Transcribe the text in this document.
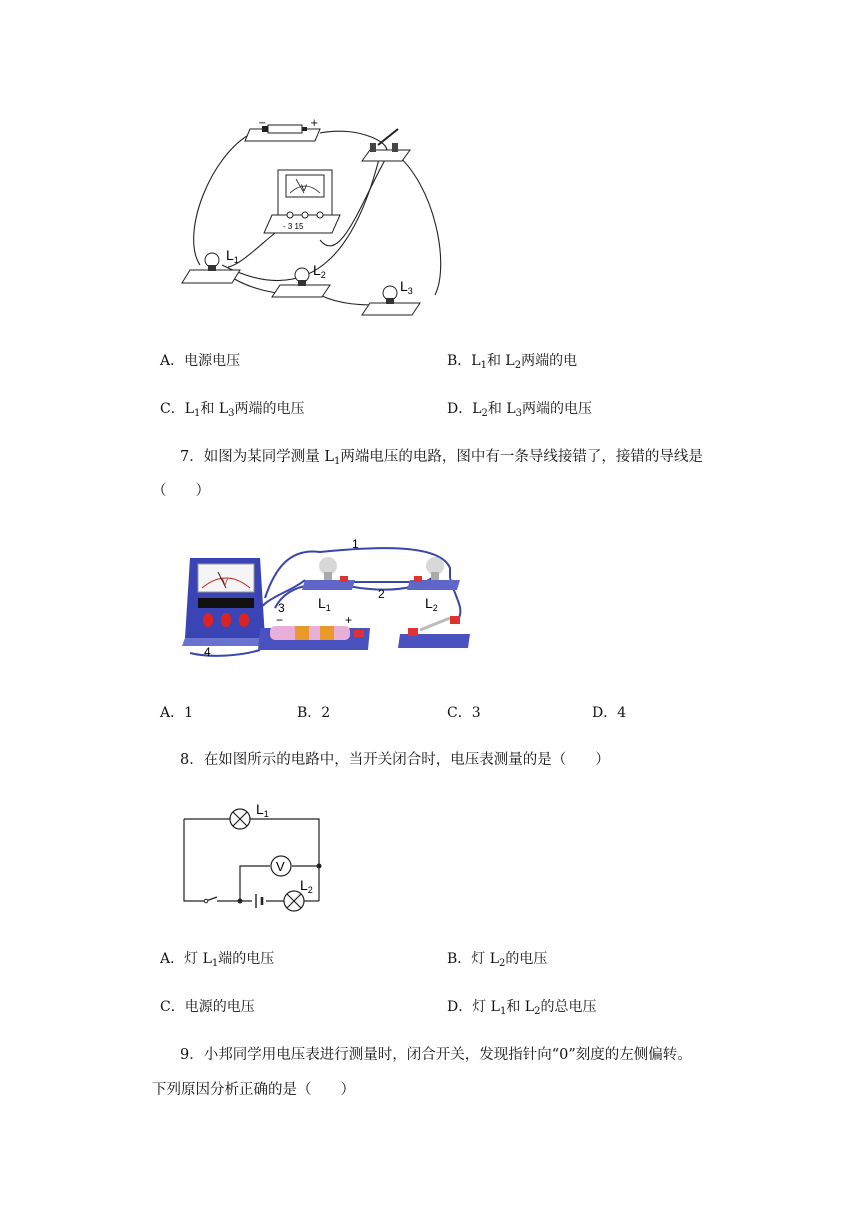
−	+
V
- 3 15
$L_1$
$L_2$
$L_3$
A．电源电压	B．$L_1$和 $L_2$两端的电
C．$L_1$和 $L_3$两端的电压	D．$L_2$和 $L_3$两端的电压
7．如图为某同学测量 $L_1$两端电压的电路，图中有一条导线接错了，接错的导线是
（　　）
V
$L_1$	$L_2$
−	+
1
2
3
4
A．1	B．2	C．3	D．4
8．在如图所示的电路中，当开关闭合时，电压表测量的是（　　）
$L_1$
V
$L_2$
A．灯 $L_1$端的电压	B．灯 $L_2$的电压
C．电源的电压	D．灯 $L_1$和 $L_2$的总电压
9．小邦同学用电压表进行测量时，闭合开关，发现指针向“0”刻度的左侧偏转。
下列原因分析正确的是（　　）
